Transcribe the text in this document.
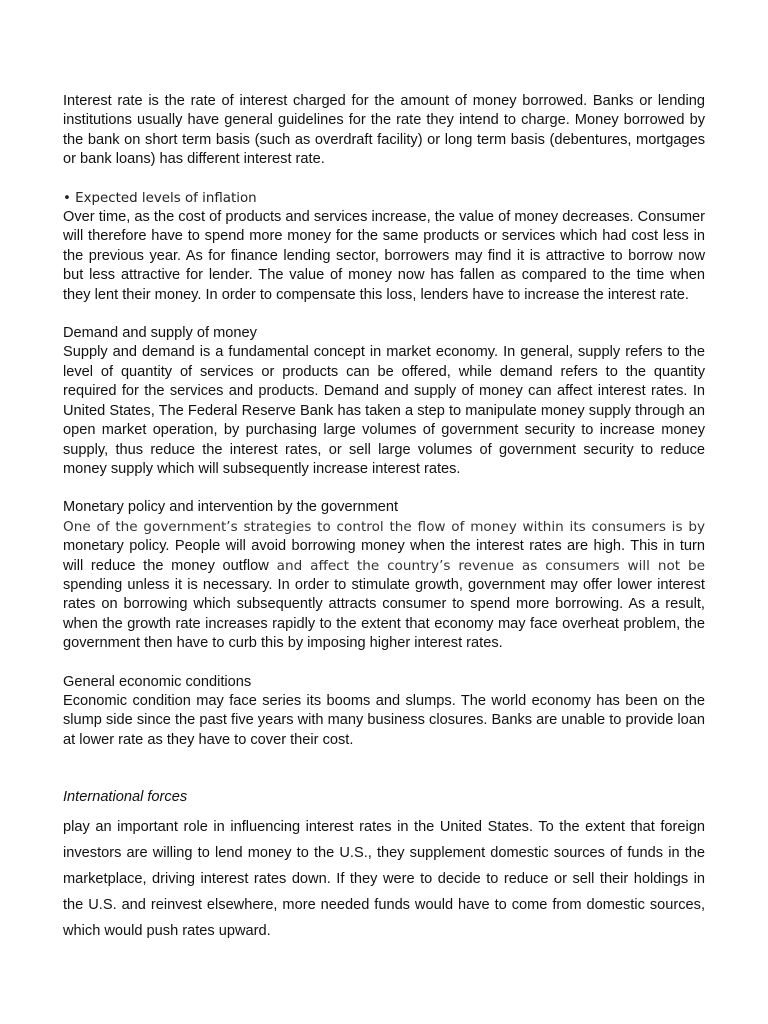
Interest rate is the rate of interest charged for the amount of money borrowed. Banks or lending institutions usually have general guidelines for the rate they intend to charge. Money borrowed by the bank on short term basis (such as overdraft facility) or long term basis (debentures, mortgages or bank loans) has different interest rate.

• Expected levels of inflation

Over time, as the cost of products and services increase, the value of money decreases. Consumer will therefore have to spend more money for the same products or services which had cost less in the previous year. As for finance lending sector, borrowers may find it is attractive to borrow now but less attractive for lender. The value of money now has fallen as compared to the time when they lent their money. In order to compensate this loss, lenders have to increase the interest rate.

Demand and supply of money

Supply and demand is a fundamental concept in market economy. In general, supply refers to the level of quantity of services or products can be offered, while demand refers to the quantity required for the services and products. Demand and supply of money can affect interest rates. In United States, The Federal Reserve Bank has taken a step to manipulate money supply through an open market operation, by purchasing large volumes of government security to increase money supply, thus reduce the interest rates, or sell large volumes of government security to reduce money supply which will subsequently increase interest rates.

Monetary policy and intervention by the government

One of the government’s strategies to control the flow of money within its consumers is by monetary policy. People will avoid borrowing money when the interest rates are high. This in turn will reduce the money outflow and affect the country’s revenue as consumers will not be spending unless it is necessary. In order to stimulate growth, government may offer lower interest rates on borrowing which subsequently attracts consumer to spend more borrowing. As a result, when the growth rate increases rapidly to the extent that economy may face overheat problem, the government then have to curb this by imposing higher interest rates.

General economic conditions

Economic condition may face series its booms and slumps. The world economy has been on the slump side since the past five years with many business closures. Banks are unable to provide loan at lower rate as they have to cover their cost.

International forces

play an important role in influencing interest rates in the United States. To the extent that foreign investors are willing to lend money to the U.S., they supplement domestic sources of funds in the marketplace, driving interest rates down. If they were to decide to reduce or sell their holdings in the U.S. and reinvest elsewhere, more needed funds would have to come from domestic sources, which would push rates upward.
